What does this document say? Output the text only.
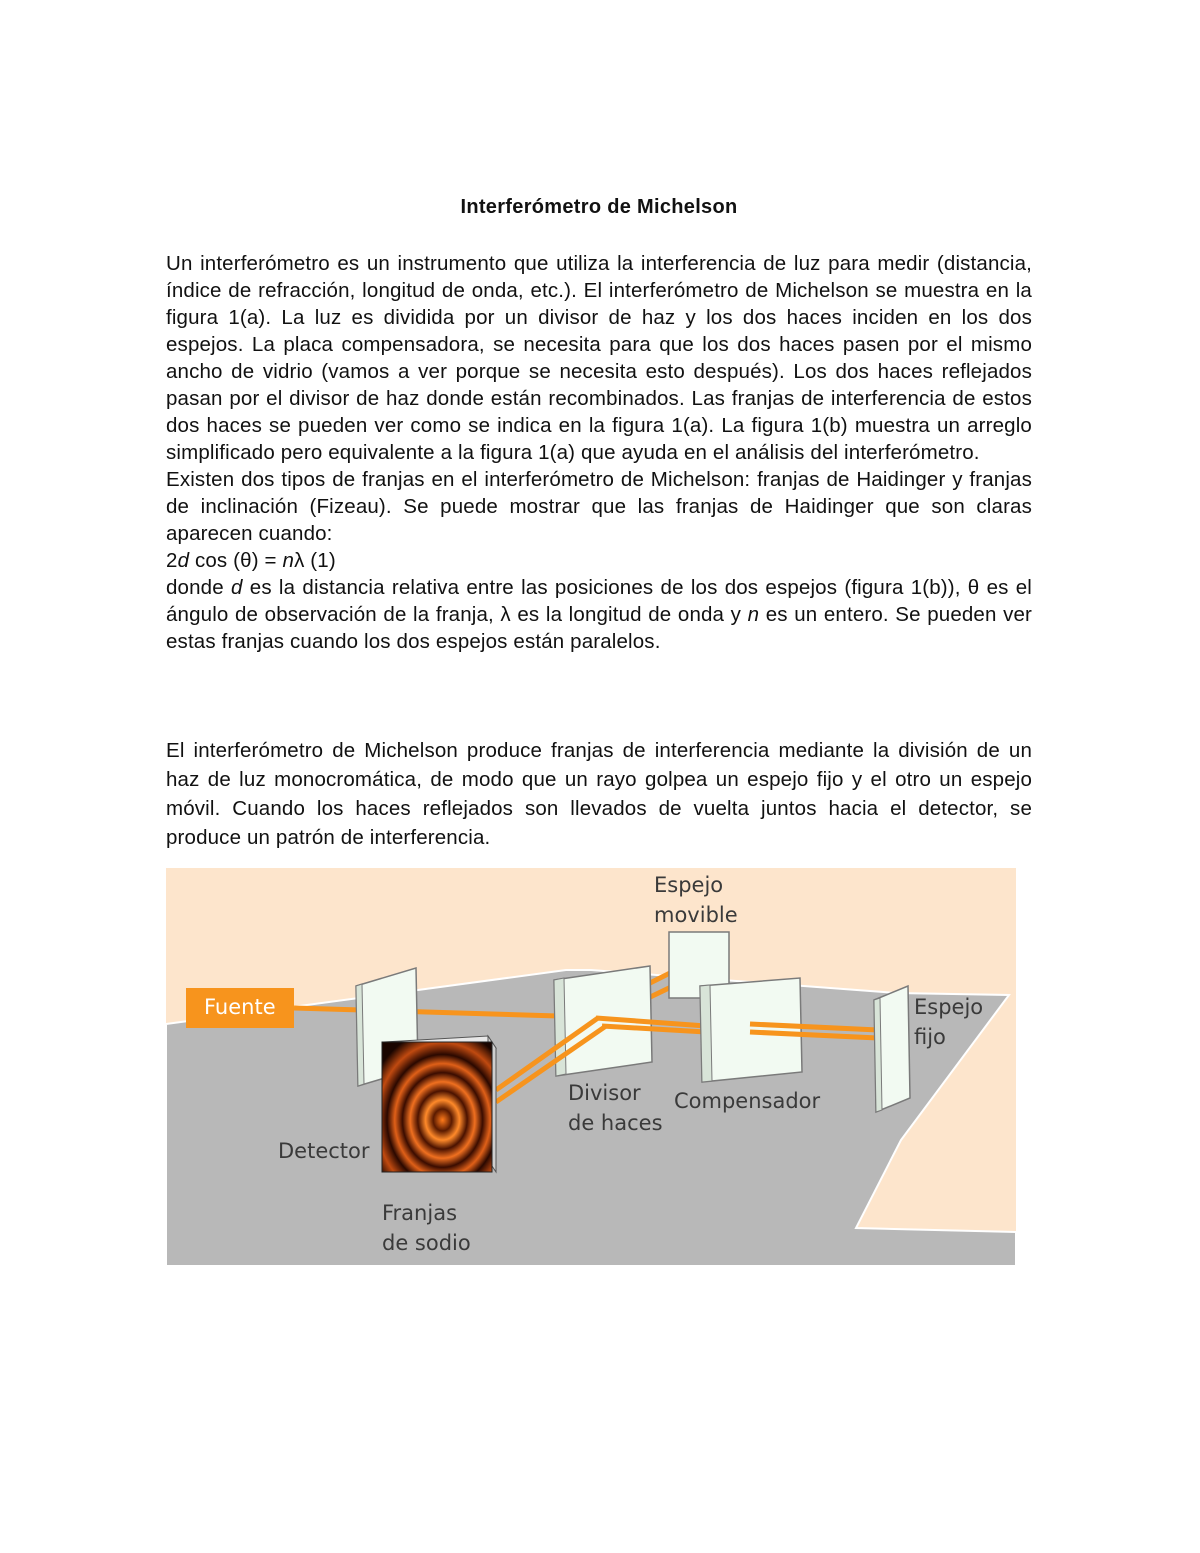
Interferómetro de Michelson

Un interferómetro es un instrumento que utiliza la interferencia de luz para medir (distancia, índice de refracción, longitud de onda, etc.). El interferómetro de Michelson se muestra en la figura 1(a). La luz es dividida por un divisor de haz y los dos haces inciden en los dos espejos. La placa compensadora, se necesita para que los dos haces pasen por el mismo ancho de vidrio (vamos a ver porque se necesita esto después). Los dos haces reflejados pasan por el divisor de haz donde están recombinados. Las franjas de interferencia de estos dos haces se pueden ver como se indica en la figura 1(a). La figura 1(b) muestra un arreglo simplificado pero equivalente a la figura 1(a) que ayuda en el análisis del interferómetro.

Existen dos tipos de franjas en el interferómetro de Michelson: franjas de Haidinger y franjas de inclinación (Fizeau). Se puede mostrar que las franjas de Haidinger que son claras aparecen cuando:

2d cos (θ) = nλ (1)

donde d es la distancia relativa entre las posiciones de los dos espejos (figura 1(b)), θ es el ángulo de observación de la franja, λ es la longitud de onda y n es un entero. Se pueden ver estas franjas cuando los dos espejos están paralelos.

El interferómetro de Michelson produce franjas de interferencia mediante la división de un haz de luz monocromática, de modo que un rayo golpea un espejo fijo y el otro un espejo móvil. Cuando los haces reflejados son llevados de vuelta juntos hacia el detector, se produce un patrón de interferencia.

Fuente
Espejo
movible
Espejo
fijo
Divisor
de haces
Compensador
Detector
Franjas
de sodio
